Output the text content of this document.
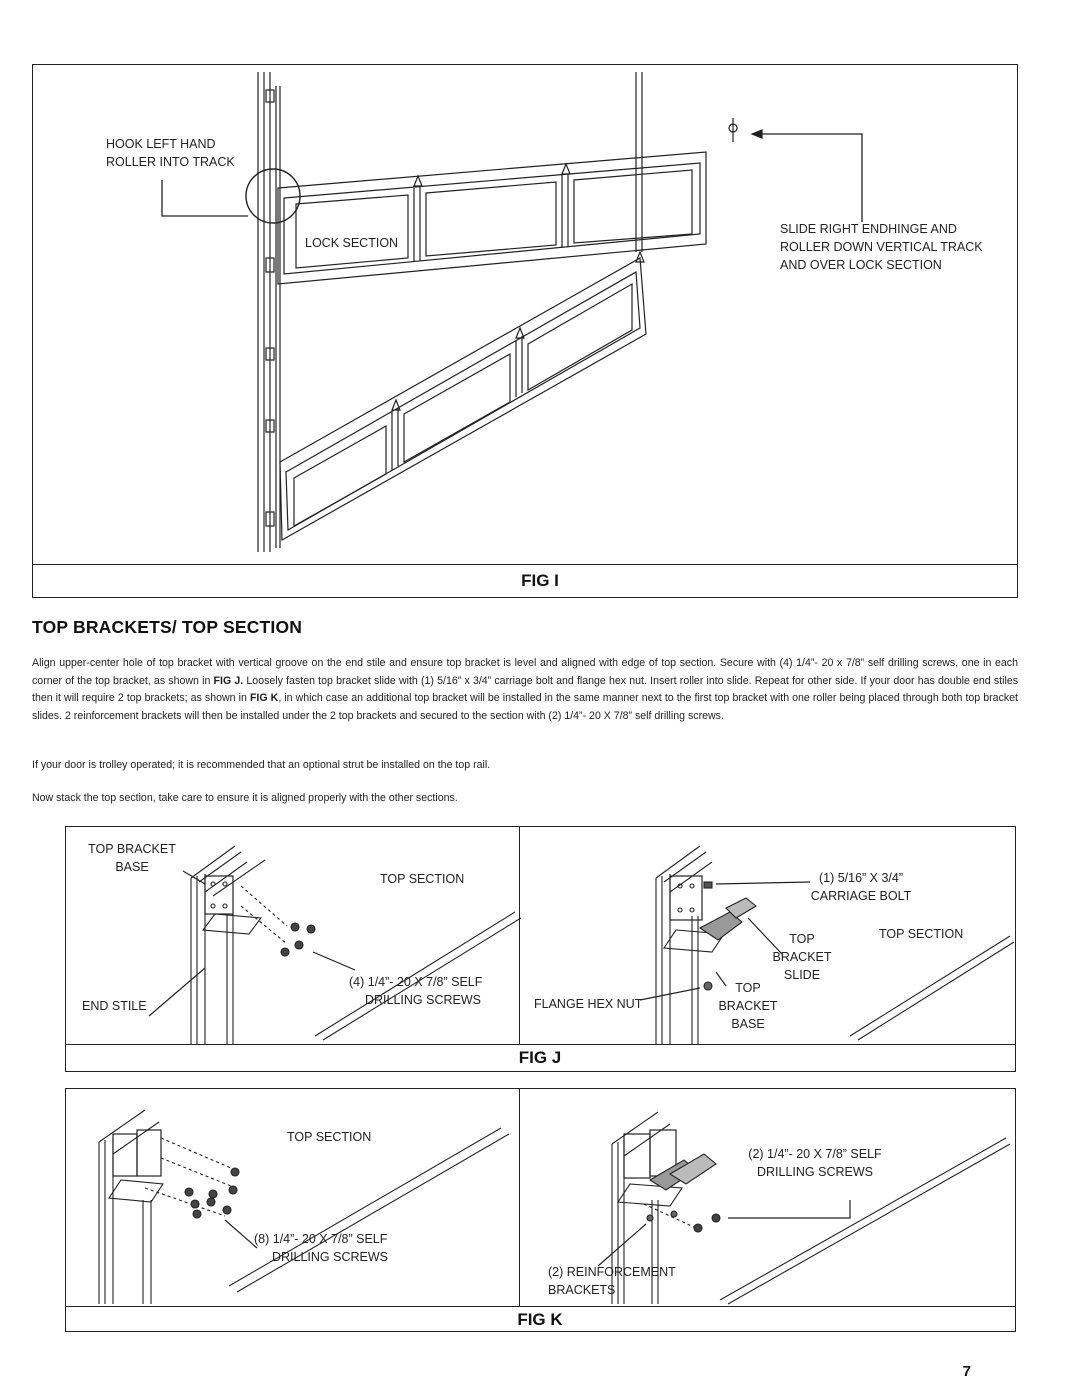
HOOK LEFT HAND
ROLLER INTO TRACK
LOCK SECTION
SLIDE RIGHT ENDHINGE AND
ROLLER DOWN VERTICAL TRACK
AND OVER LOCK SECTION
FIG I
TOP BRACKETS/ TOP SECTION
Align upper-center hole of top bracket with vertical groove on the end stile and ensure top bracket is level and aligned with edge of top section. Secure with (4) 1/4”- 20 x 7/8” self drilling screws, one in each corner of the top bracket, as shown in FIG J. Loosely fasten top bracket slide with (1) 5/16” x 3/4” carriage bolt and flange hex nut. Insert roller into slide. Repeat for other side. If your door has double end stiles then it will require 2 top brackets; as shown in FIG K, in which case an additional top bracket will be installed in the same manner next to the first top bracket with one roller being placed through both top bracket slides. 2 reinforcement brackets will then be installed under the 2 top brackets and secured to the section with (2) 1/4”- 20 X 7/8” self drilling screws.
If your door is trolley operated; it is recommended that an optional strut be installed on the top rail.
Now stack the top section, take care to ensure it is aligned properly with the other sections.
TOP BRACKET
BASE
TOP SECTION
(4) 1/4”- 20 X 7/8” SELF
DRILLING SCREWS
END STILE
(1) 5/16” X 3/4”
CARRIAGE BOLT
TOP
BRACKET
SLIDE
TOP SECTION
FLANGE HEX NUT
TOP
BRACKET
BASE
FIG J
TOP SECTION
(8) 1/4”- 20 X 7/8” SELF
DRILLING SCREWS
(2) 1/4”- 20 X 7/8” SELF
DRILLING SCREWS
(2) REINFORCEMENT
BRACKETS
FIG K
7
